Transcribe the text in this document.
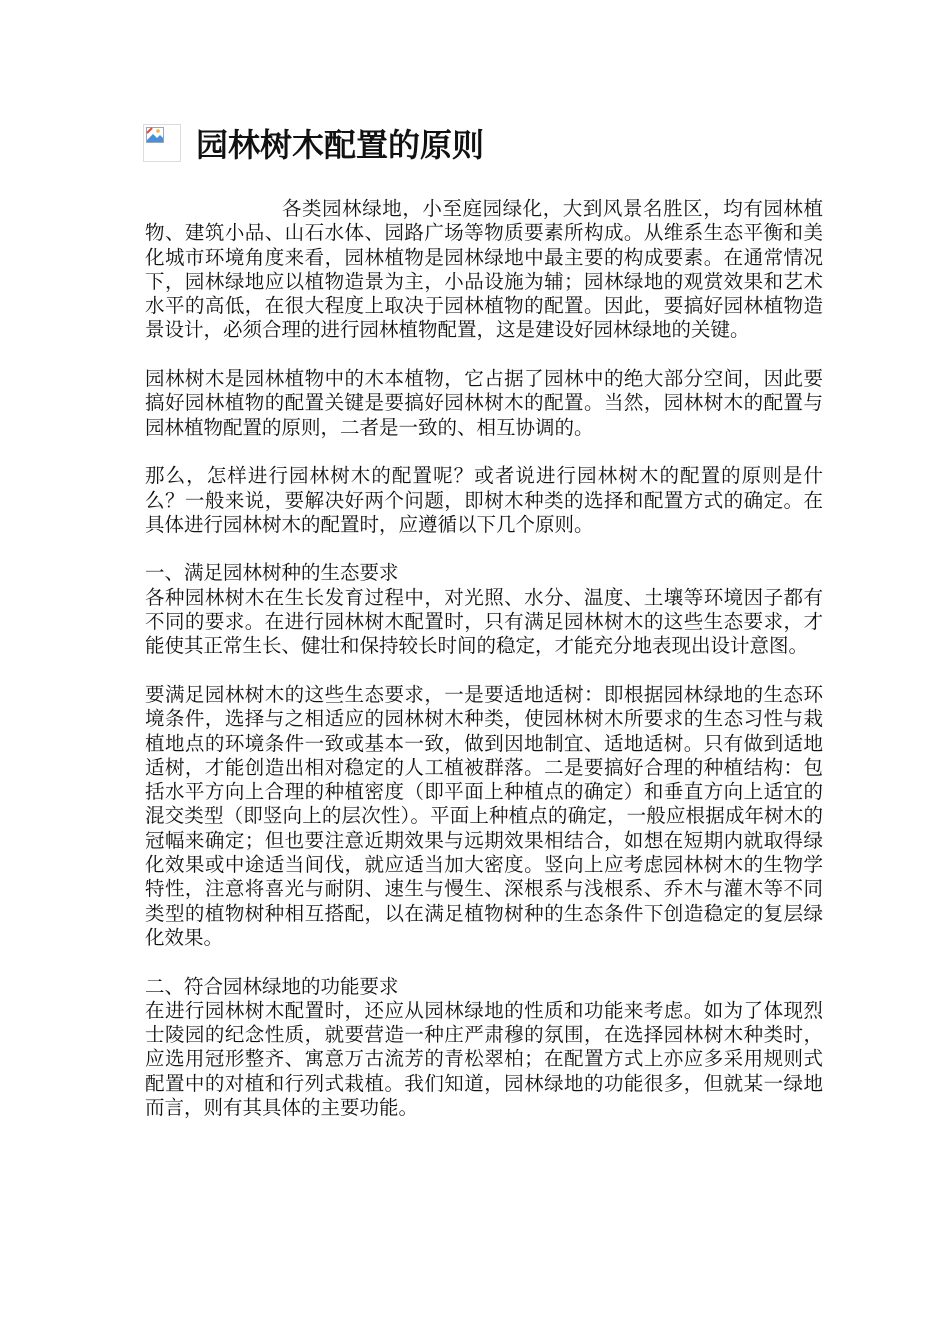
园林树木配置的原则

各类园林绿地，小至庭园绿化，大到风景名胜区，均有园林植物、建筑小品、山石水体、园路广场等物质要素所构成。从维系生态平衡和美化城市环境角度来看，园林植物是园林绿地中最主要的构成要素。在通常情况下，园林绿地应以植物造景为主，小品设施为辅；园林绿地的观赏效果和艺术水平的高低，在很大程度上取决于园林植物的配置。因此，要搞好园林植物造景设计，必须合理的进行园林植物配置，这是建设好园林绿地的关键。

园林树木是园林植物中的木本植物，它占据了园林中的绝大部分空间，因此要搞好园林植物的配置关键是要搞好园林树木的配置。当然，园林树木的配置与园林植物配置的原则，二者是一致的、相互协调的。

那么，怎样进行园林树木的配置呢？或者说进行园林树木的配置的原则是什么？一般来说，要解决好两个问题，即树木种类的选择和配置方式的确定。在具体进行园林树木的配置时，应遵循以下几个原则。

一、满足园林树种的生态要求

各种园林树木在生长发育过程中，对光照、水分、温度、土壤等环境因子都有不同的要求。在进行园林树木配置时，只有满足园林树木的这些生态要求，才能使其正常生长、健壮和保持较长时间的稳定，才能充分地表现出设计意图。

要满足园林树木的这些生态要求，一是要适地适树：即根据园林绿地的生态环境条件，选择与之相适应的园林树木种类，使园林树木所要求的生态习性与栽植地点的环境条件一致或基本一致，做到因地制宜、适地适树。只有做到适地适树，才能创造出相对稳定的人工植被群落。二是要搞好合理的种植结构：包括水平方向上合理的种植密度（即平面上种植点的确定）和垂直方向上适宜的混交类型（即竖向上的层次性）。平面上种植点的确定，一般应根据成年树木的冠幅来确定；但也要注意近期效果与远期效果相结合，如想在短期内就取得绿化效果或中途适当间伐，就应适当加大密度。竖向上应考虑园林树木的生物学特性，注意将喜光与耐阴、速生与慢生、深根系与浅根系、乔木与灌木等不同类型的植物树种相互搭配，以在满足植物树种的生态条件下创造稳定的复层绿化效果。

二、符合园林绿地的功能要求

在进行园林树木配置时，还应从园林绿地的性质和功能来考虑。如为了体现烈士陵园的纪念性质，就要营造一种庄严肃穆的氛围，在选择园林树木种类时，应选用冠形整齐、寓意万古流芳的青松翠柏；在配置方式上亦应多采用规则式配置中的对植和行列式栽植。我们知道，园林绿地的功能很多，但就某一绿地而言，则有其具体的主要功能。
